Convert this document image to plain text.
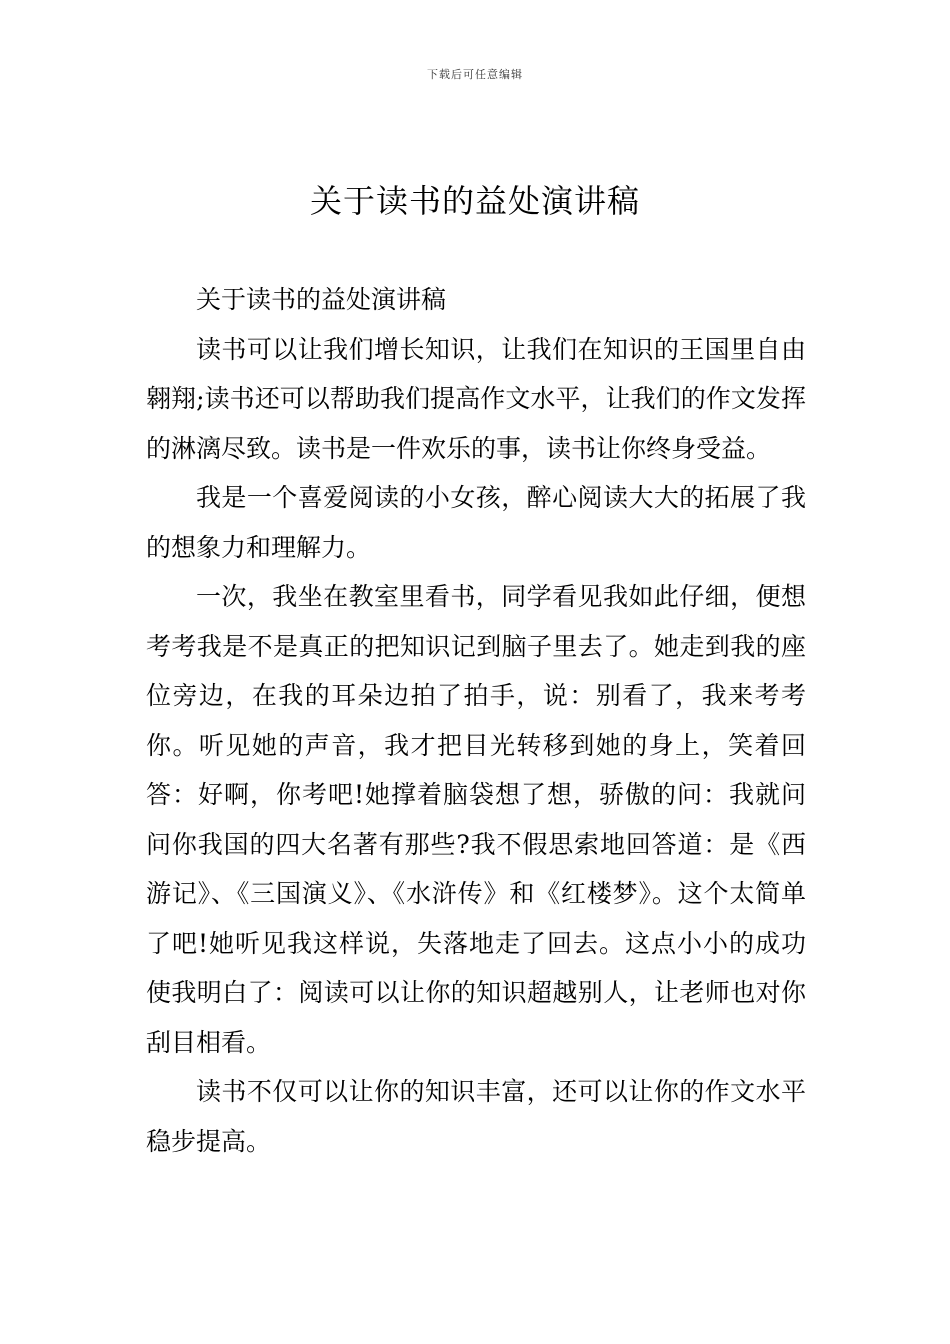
下载后可任意编辑
关于读书的益处演讲稿

关于读书的益处演讲稿

读书可以让我们增长知识，让我们在知识的王国里自由翱翔;读书还可以帮助我们提高作文水平，让我们的作文发挥的淋漓尽致。读书是一件欢乐的事，读书让你终身受益。

我是一个喜爱阅读的小女孩，醉心阅读大大的拓展了我的想象力和理解力。

一次，我坐在教室里看书，同学看见我如此仔细，便想考考我是不是真正的把知识记到脑子里去了。她走到我的座位旁边，在我的耳朵边拍了拍手，说：别看了，我来考考你。听见她的声音，我才把目光转移到她的身上，笑着回答：好啊，你考吧!她撑着脑袋想了想，骄傲的问：我就问问你我国的四大名著有那些?我不假思索地回答道：是《西游记》、《三国演义》、《水浒传》和《红楼梦》。这个太简单了吧!她听见我这样说，失落地走了回去。这点小小的成功使我明白了：阅读可以让你的知识超越别人，让老师也对你刮目相看。

读书不仅可以让你的知识丰富，还可以让你的作文水平稳步提高。
